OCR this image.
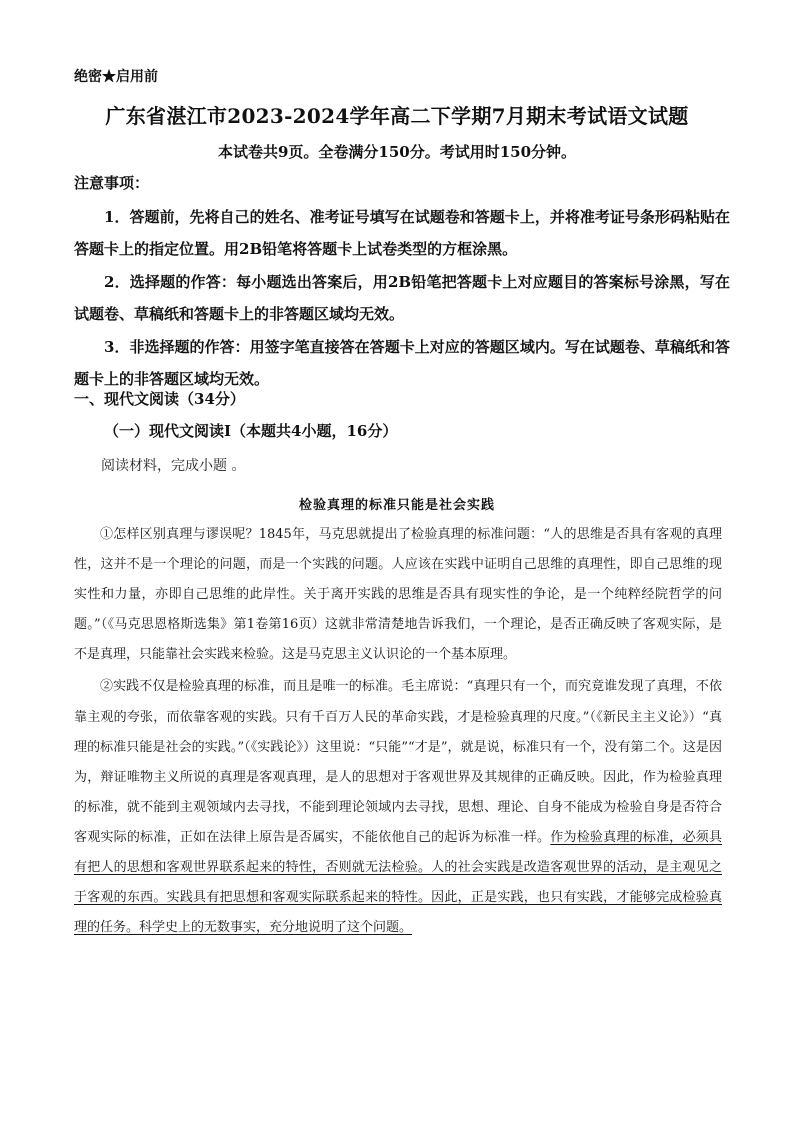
绝密★启用前
广东省湛江市2023-2024学年高二下学期7月期末考试语文试题
本试卷共9页。全卷满分150分。考试用时150分钟。
注意事项：

1．答题前，先将自己的姓名、准考证号填写在试题卷和答题卡上，并将准考证号条形码粘贴在答题卡上的指定位置。用2B铅笔将答题卡上试卷类型的方框涂黑。

2．选择题的作答：每小题选出答案后，用2B铅笔把答题卡上对应题目的答案标号涂黑，写在试题卷、草稿纸和答题卡上的非答题区域均无效。

3．非选择题的作答：用签字笔直接答在答题卡上对应的答题区域内。写在试题卷、草稿纸和答题卡上的非答题区域均无效。

一、现代文阅读（34分）
（一）现代文阅读Ⅰ（本题共4小题，16分）
阅读材料，完成小题 。
检验真理的标准只能是社会实践

①怎样区别真理与谬误呢？1845年，马克思就提出了检验真理的标准问题：“人的思维是否具有客观的真理性，这并不是一个理论的问题，而是一个实践的问题。人应该在实践中证明自己思维的真理性，即自己思维的现实性和力量，亦即自己思维的此岸性。关于离开实践的思维是否具有现实性的争论，是一个纯粹经院哲学的问题。”（《马克思恩格斯选集》第1卷第16页）这就非常清楚地告诉我们，一个理论，是否正确反映了客观实际，是不是真理，只能靠社会实践来检验。这是马克思主义认识论的一个基本原理。

②实践不仅是检验真理的标准，而且是唯一的标准。毛主席说：“真理只有一个，而究竟谁发现了真理，不依靠主观的夸张，而依靠客观的实践。只有千百万人民的革命实践，才是检验真理的尺度。”（《新民主主义论》）“真理的标准只能是社会的实践。”（《实践论》）这里说：“只能”“才是”，就是说，标准只有一个，没有第二个。这是因为，辩证唯物主义所说的真理是客观真理，是人的思想对于客观世界及其规律的正确反映。因此，作为检验真理的标准，就不能到主观领域内去寻找，不能到理论领域内去寻找，思想、理论、自身不能成为检验自身是否符合客观实际的标准，正如在法律上原告是否属实，不能依他自己的起诉为标准一样。作为检验真理的标准，必须具有把人的思想和客观世界联系起来的特性，否则就无法检验。人的社会实践是改造客观世界的活动，是主观见之于客观的东西。实践具有把思想和客观实际联系起来的特性。因此，正是实践，也只有实践，才能够完成检验真理的任务。科学史上的无数事实，充分地说明了这个问题。
